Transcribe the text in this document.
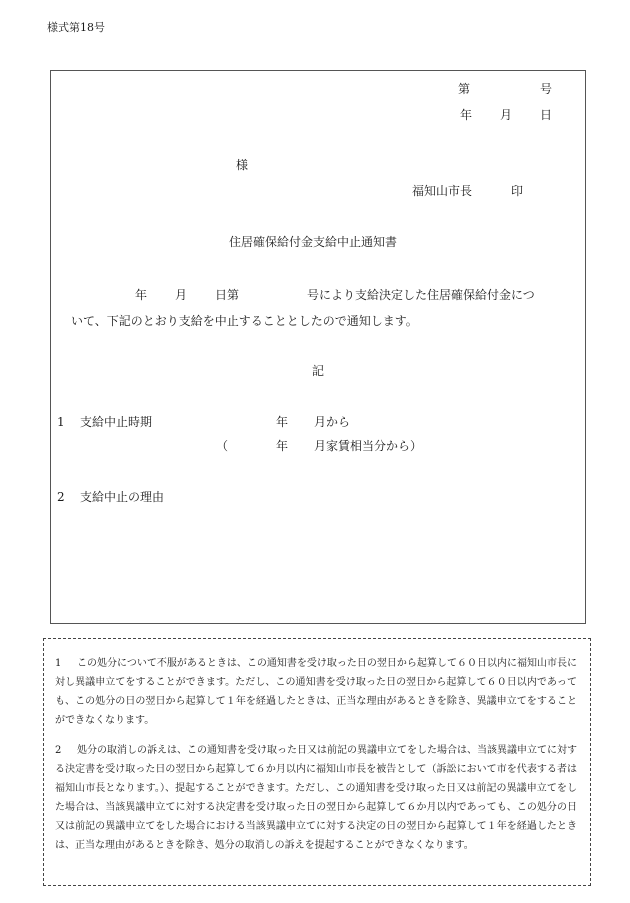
様式第18号
第	号
年 月 日
様
福知山市長	印
住居確保給付金支給中止通知書
年 月 日第	号により支給決定した住居確保給付金につ
いて、下記のとおり支給を中止することとしたので通知します。
記
1 支給中止時期	年 月から
（	年 月家賃相当分から）
2 支給中止の理由
1	この処分について不服があるときは、この通知書を受け取った日の翌日から起算して６０日以内に福知山市長に対し異議申立てをすることができます。ただし、この通知書を受け取った日の翌日から起算して６０日以内であっても、この処分の日の翌日から起算して１年を経過したときは、正当な理由があるときを除き、異議申立てをすることができなくなります。
2	処分の取消しの訴えは、この通知書を受け取った日又は前記の異議申立てをした場合は、当該異議申立てに対する決定書を受け取った日の翌日から起算して６か月以内に福知山市長を被告として（訴訟において市を代表する者は福知山市長となります。）、提起することができます。ただし、この通知書を受け取った日又は前記の異議申立てをした場合は、当該異議申立てに対する決定書を受け取った日の翌日から起算して６か月以内であっても、この処分の日又は前記の異議申立てをした場合における当該異議申立てに対する決定の日の翌日から起算して１年を経過したときは、正当な理由があるときを除き、処分の取消しの訴えを提起することができなくなります。
